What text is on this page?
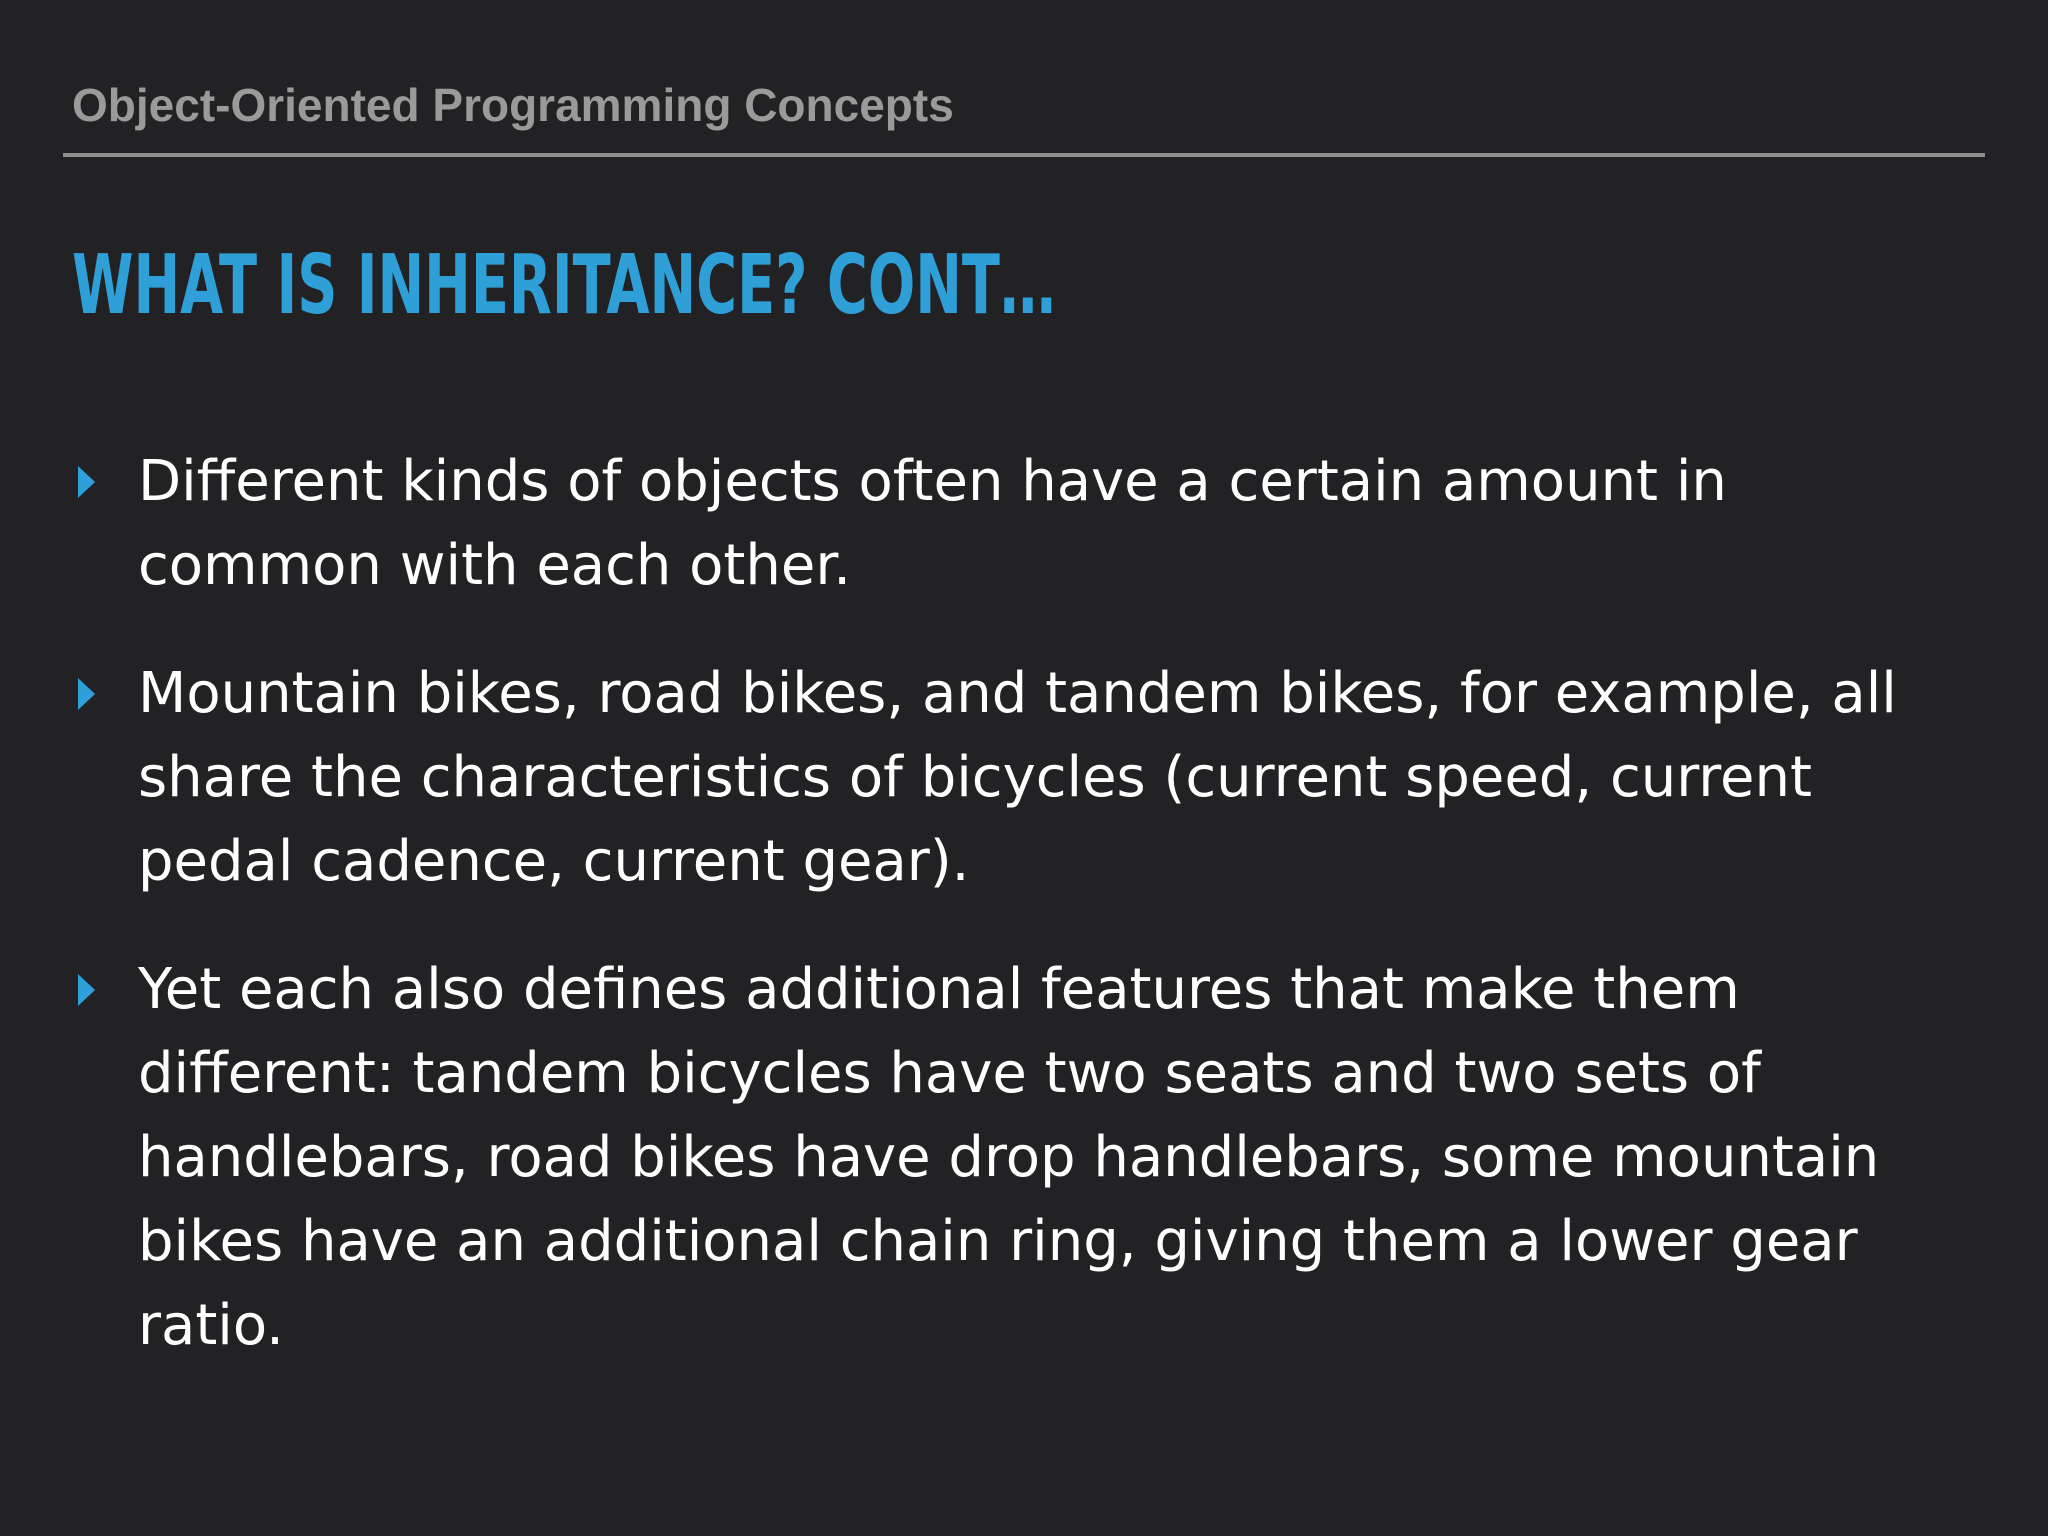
Object-Oriented Programming Concepts
WHAT IS INHERITANCE? CONT…
Different kinds of objects often have a certain amount in common with each other.
Mountain bikes, road bikes, and tandem bikes, for example, all share the characteristics of bicycles (current speed, current pedal cadence, current gear).
Yet each also defines additional features that make them different: tandem bicycles have two seats and two sets of handlebars, road bikes have drop handlebars, some mountain bikes have an additional chain ring, giving them a lower gear ratio.
